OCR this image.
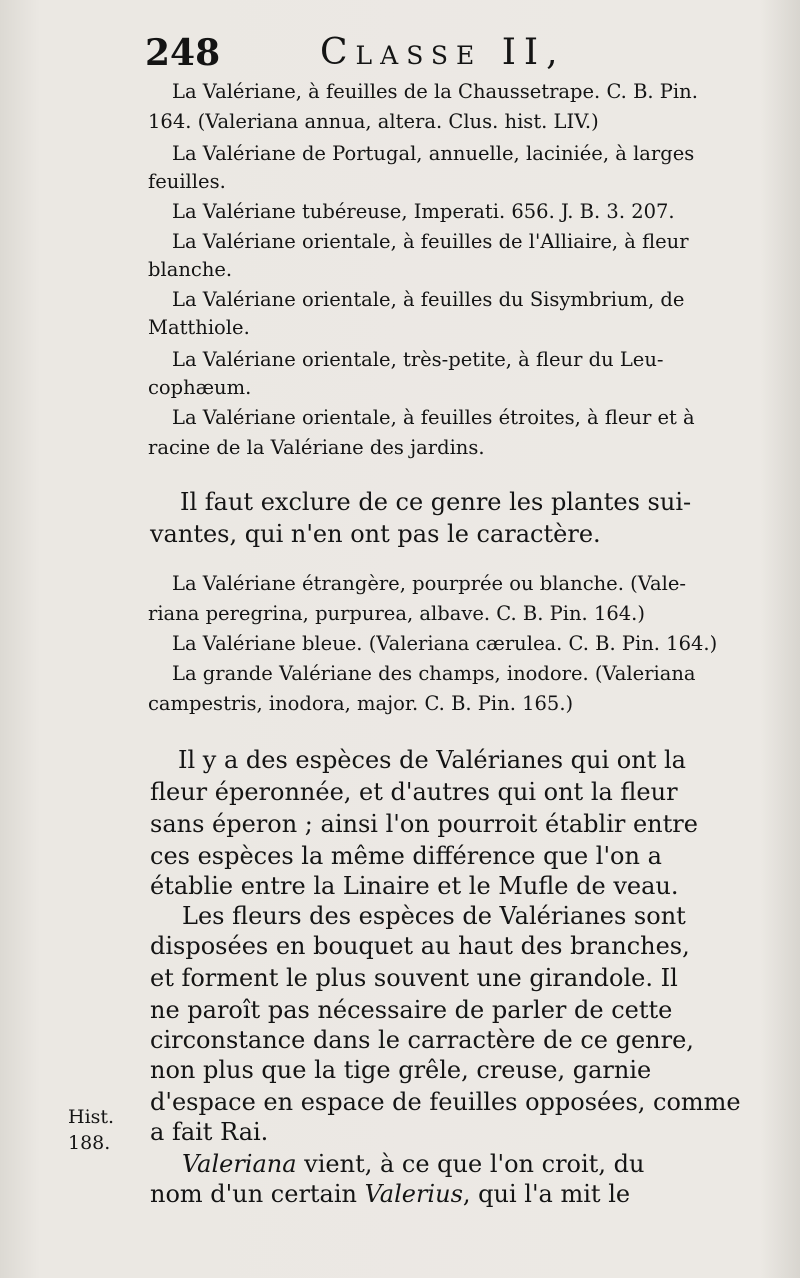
248	Classe II,
La Valériane, à feuilles de la Chaussetrape. C. B. Pin.
164. (Valeriana annua, altera. Clus. hist. LIV.)
La Valériane de Portugal, annuelle, laciniée, à larges
feuilles.
La Valériane tubéreuse, Imperati. 656. J. B. 3. 207.
La Valériane orientale, à feuilles de l'Alliaire, à fleur
blanche.
La Valériane orientale, à feuilles du Sisymbrium, de
Matthiole.
La Valériane orientale, très-petite, à fleur du Leu-
cophæum.
La Valériane orientale, à feuilles étroites, à fleur et à
racine de la Valériane des jardins.
Il faut exclure de ce genre les plantes sui-
vantes, qui n'en ont pas le caractère.
La Valériane étrangère, pourprée ou blanche. (Vale-
riana peregrina, purpurea, albave. C. B. Pin. 164.)
La Valériane bleue. (Valeriana cærulea. C. B. Pin. 164.)
La grande Valériane des champs, inodore. (Valeriana
campestris, inodora, major. C. B. Pin. 165.)
Il y a des espèces de Valérianes qui ont la
fleur éperonnée, et d'autres qui ont la fleur
sans éperon ; ainsi l'on pourroit établir entre
ces espèces la même différence que l'on a
établie entre la Linaire et le Mufle de veau.
Les fleurs des espèces de Valérianes sont
disposées en bouquet au haut des branches,
et forment le plus souvent une girandole. Il
ne paroît pas nécessaire de parler de cette
circonstance dans le carractère de ce genre,
non plus que la tige grêle, creuse, garnie
d'espace en espace de feuilles opposées, comme
a fait Rai.
Valeriana vient, à ce que l'on croit, du
nom d'un certain Valerius, qui l'a mit le
Hist.
188.
